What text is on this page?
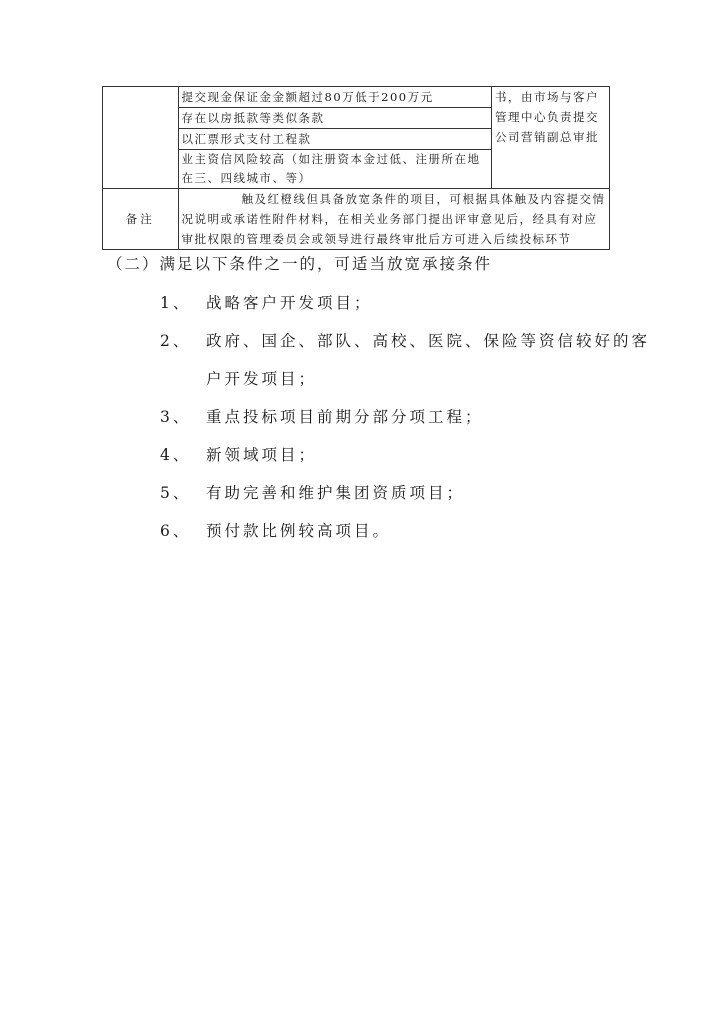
	提交现金保证金金额超过80万低于200万元	书，由市场与客户管理中心负责提交公司营销副总审批
	存在以房抵款等类似条款	
	以汇票形式支付工程款	
	业主资信风险较高（如注册资本金过低、注册所在地在三、四线城市、等）	
备注	触及红橙线但具备放宽条件的项目，可根据具体触及内容提交情况说明或承诺性附件材料，在相关业务部门提出评审意见后，经具有对应审批权限的管理委员会或领导进行最终审批后方可进入后续投标环节	
（二）满足以下条件之一的，可适当放宽承接条件
1、 战略客户开发项目；
2、 政府、国企、部队、高校、医院、保险等资信较好的客
户开发项目；
3、 重点投标项目前期分部分项工程；
4、 新领域项目；
5、 有助完善和维护集团资质项目；
6、 预付款比例较高项目。
